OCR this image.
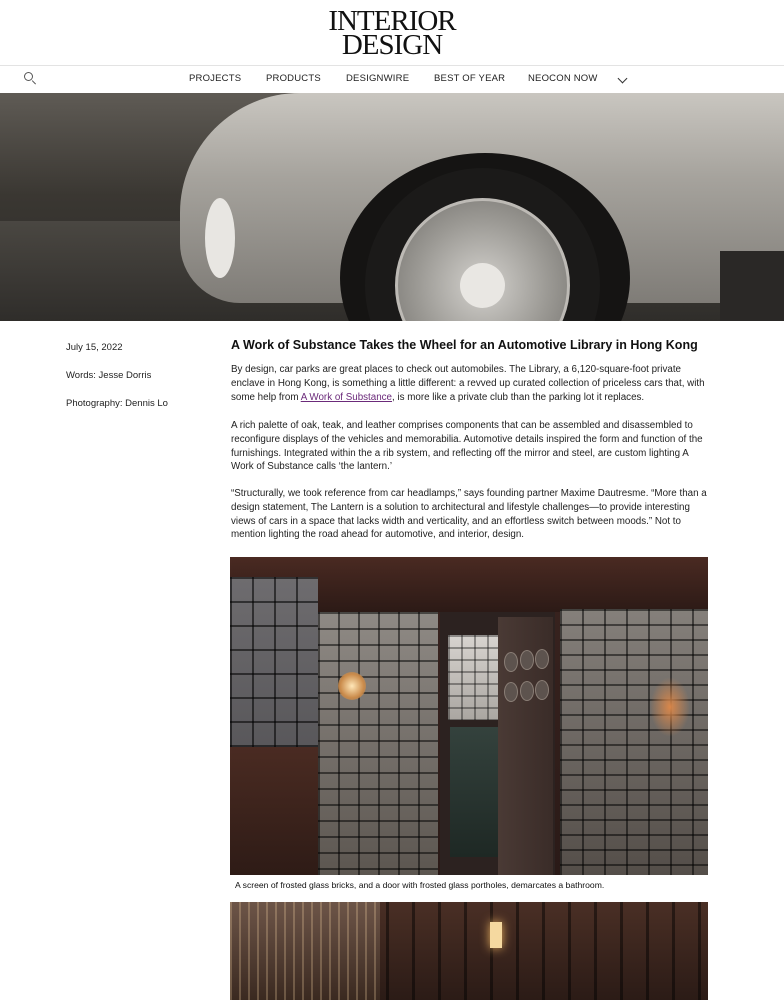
INTERIOR
DESIGN
PROJECTS	PRODUCTS	DESIGNWIRE	BEST OF YEAR NEOCON NOW
July 15, 2022
Words: Jesse Dorris
Photography: Dennis Lo
A Work of Substance Takes the Wheel for an Automotive Library in Hong Kong

By design, car parks are great places to check out automobiles. The Library, a 6,120-square-foot private enclave in Hong Kong, is something a little different: a revved up curated collection of priceless cars that, with some help from A Work of Substance, is more like a private club than the parking lot it replaces.

A rich palette of oak, teak, and leather comprises components that can be assembled and disassembled to reconfigure displays of the vehicles and memorabilia. Automotive details inspired the form and function of the furnishings. Integrated within the a rib system, and reflecting off the mirror and steel, are custom lighting A Work of Substance calls ‘the lantern.’

“Structurally, we took reference from car headlamps,” says founding partner Maxime Dautresme. “More than a design statement, The Lantern is a solution to architectural and lifestyle challenges—to provide interesting views of cars in a space that lacks width and verticality, and an effortless switch between moods.” Not to mention lighting the road ahead for automotive, and interior, design.

A screen of frosted glass bricks, and a door with frosted glass portholes, demarcates a bathroom.
